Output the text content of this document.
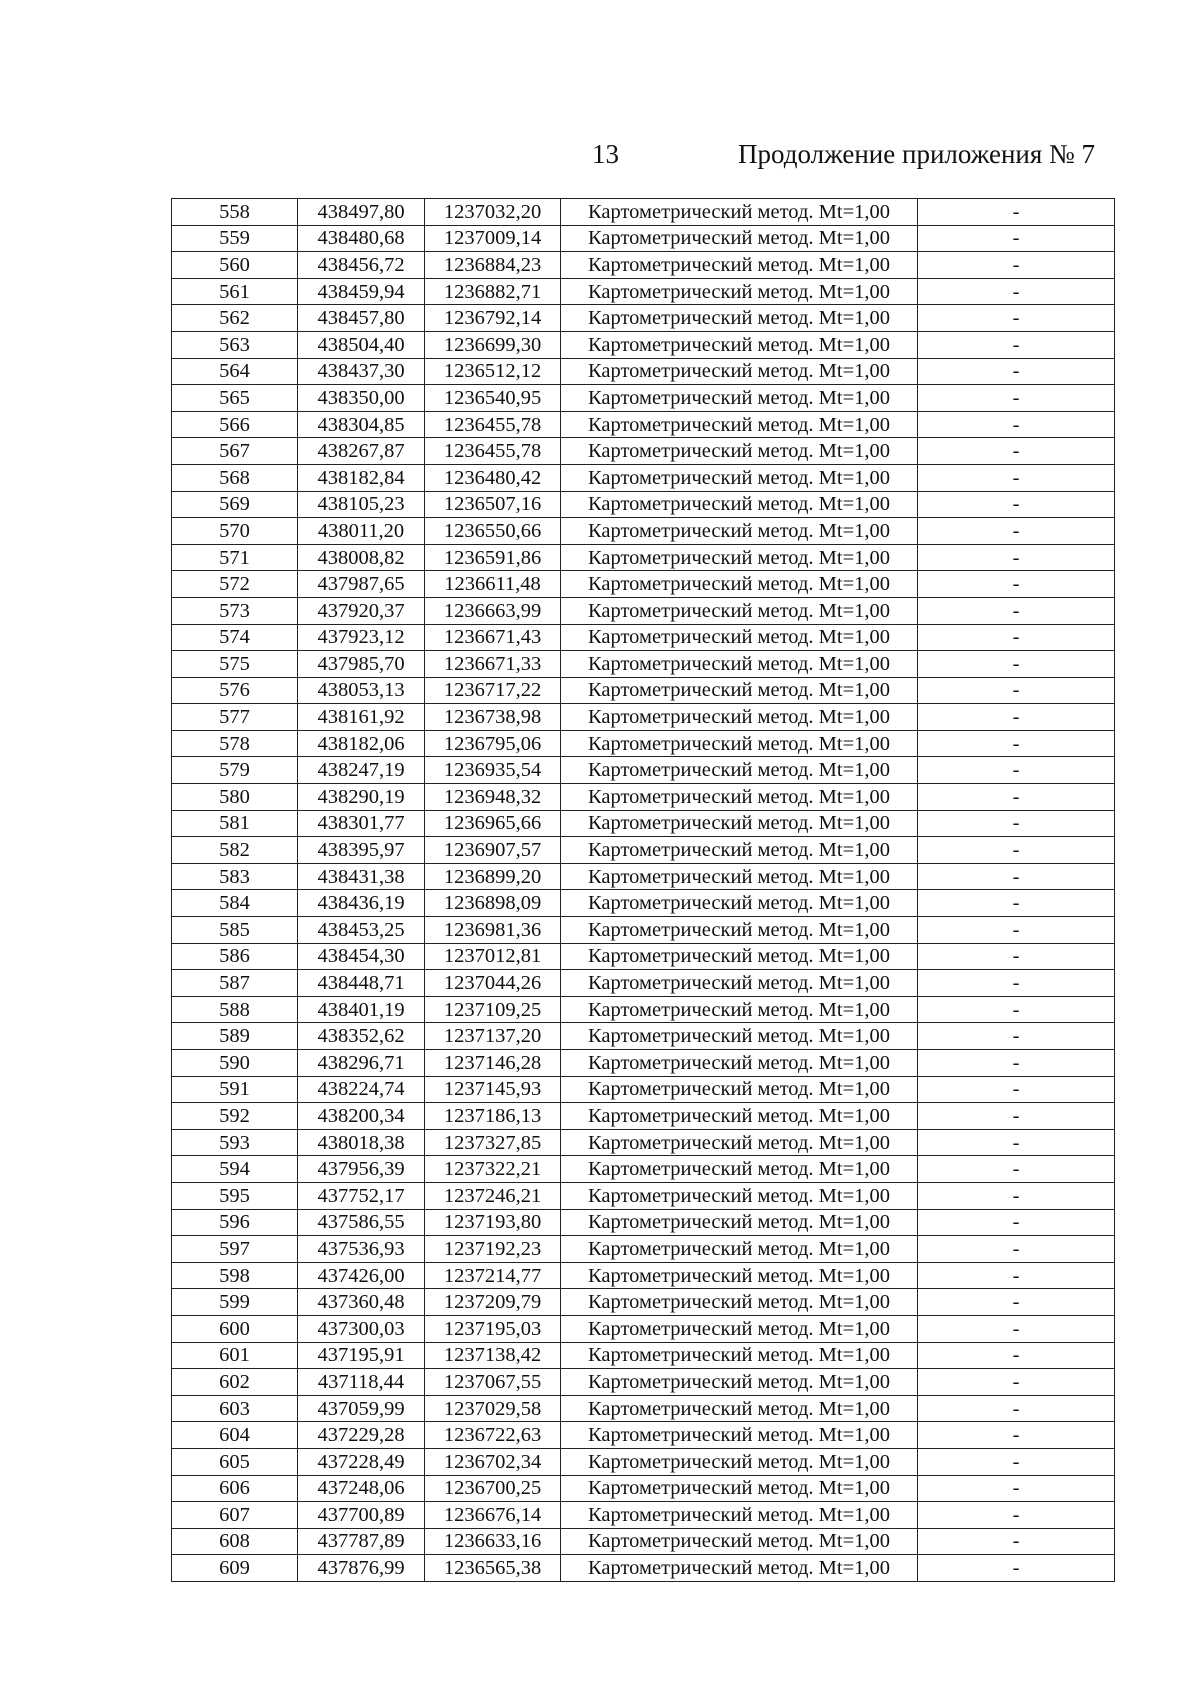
13	Продолжение приложения № 7
558	438497,80	1237032,20	Картометрический метод. Mt=1,00	-
559	438480,68	1237009,14	Картометрический метод. Mt=1,00	-
560	438456,72	1236884,23	Картометрический метод. Mt=1,00	-
561	438459,94	1236882,71	Картометрический метод. Mt=1,00	-
562	438457,80	1236792,14	Картометрический метод. Mt=1,00	-
563	438504,40	1236699,30	Картометрический метод. Mt=1,00	-
564	438437,30	1236512,12	Картометрический метод. Mt=1,00	-
565	438350,00	1236540,95	Картометрический метод. Mt=1,00	-
566	438304,85	1236455,78	Картометрический метод. Mt=1,00	-
567	438267,87	1236455,78	Картометрический метод. Mt=1,00	-
568	438182,84	1236480,42	Картометрический метод. Mt=1,00	-
569	438105,23	1236507,16	Картометрический метод. Mt=1,00	-
570	438011,20	1236550,66	Картометрический метод. Mt=1,00	-
571	438008,82	1236591,86	Картометрический метод. Mt=1,00	-
572	437987,65	1236611,48	Картометрический метод. Mt=1,00	-
573	437920,37	1236663,99	Картометрический метод. Mt=1,00	-
574	437923,12	1236671,43	Картометрический метод. Mt=1,00	-
575	437985,70	1236671,33	Картометрический метод. Mt=1,00	-
576	438053,13	1236717,22	Картометрический метод. Mt=1,00	-
577	438161,92	1236738,98	Картометрический метод. Mt=1,00	-
578	438182,06	1236795,06	Картометрический метод. Mt=1,00	-
579	438247,19	1236935,54	Картометрический метод. Mt=1,00	-
580	438290,19	1236948,32	Картометрический метод. Mt=1,00	-
581	438301,77	1236965,66	Картометрический метод. Mt=1,00	-
582	438395,97	1236907,57	Картометрический метод. Mt=1,00	-
583	438431,38	1236899,20	Картометрический метод. Mt=1,00	-
584	438436,19	1236898,09	Картометрический метод. Mt=1,00	-
585	438453,25	1236981,36	Картометрический метод. Mt=1,00	-
586	438454,30	1237012,81	Картометрический метод. Mt=1,00	-
587	438448,71	1237044,26	Картометрический метод. Mt=1,00	-
588	438401,19	1237109,25	Картометрический метод. Mt=1,00	-
589	438352,62	1237137,20	Картометрический метод. Mt=1,00	-
590	438296,71	1237146,28	Картометрический метод. Mt=1,00	-
591	438224,74	1237145,93	Картометрический метод. Mt=1,00	-
592	438200,34	1237186,13	Картометрический метод. Mt=1,00	-
593	438018,38	1237327,85	Картометрический метод. Mt=1,00	-
594	437956,39	1237322,21	Картометрический метод. Mt=1,00	-
595	437752,17	1237246,21	Картометрический метод. Mt=1,00	-
596	437586,55	1237193,80	Картометрический метод. Mt=1,00	-
597	437536,93	1237192,23	Картометрический метод. Mt=1,00	-
598	437426,00	1237214,77	Картометрический метод. Mt=1,00	-
599	437360,48	1237209,79	Картометрический метод. Mt=1,00	-
600	437300,03	1237195,03	Картометрический метод. Mt=1,00	-
601	437195,91	1237138,42	Картометрический метод. Mt=1,00	-
602	437118,44	1237067,55	Картометрический метод. Mt=1,00	-
603	437059,99	1237029,58	Картометрический метод. Mt=1,00	-
604	437229,28	1236722,63	Картометрический метод. Mt=1,00	-
605	437228,49	1236702,34	Картометрический метод. Mt=1,00	-
606	437248,06	1236700,25	Картометрический метод. Mt=1,00	-
607	437700,89	1236676,14	Картометрический метод. Mt=1,00	-
608	437787,89	1236633,16	Картометрический метод. Mt=1,00	-
609	437876,99	1236565,38	Картометрический метод. Mt=1,00	-
